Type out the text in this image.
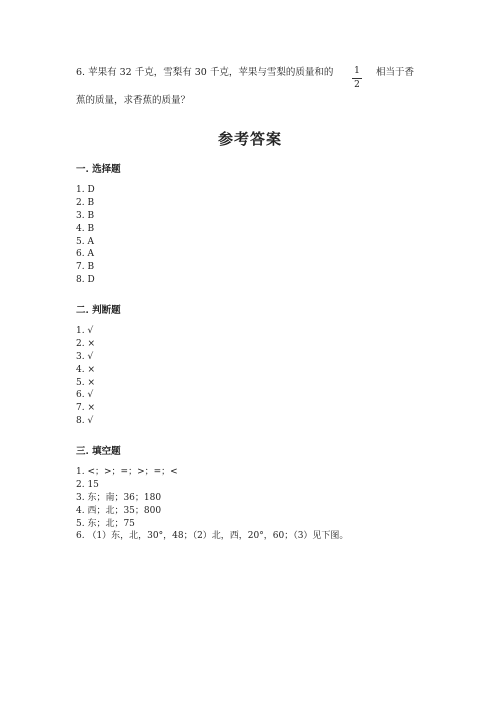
6. 苹果有 32 千克，雪梨有 30 千克，苹果与雪梨的质量和的
蕉的质量，求香蕉的质量？
1
2
相当于香
参考答案
一. 选择题
1. D
2. B
3. B
4. B
5. A
6. A
7. B
8. D
二. 判断题
1. √
2. ×
3. √
4. ×
5. ×
6. √
7. ×
8. √
三. 填空题
1. <；>；=；>；=；<
2. 15
3. 东；南；36；180
4. 西；北；35；800
5. 东；北；75
6. （1）东，北，30°，48；（2）北，西，20°，60；（3）见下图。
